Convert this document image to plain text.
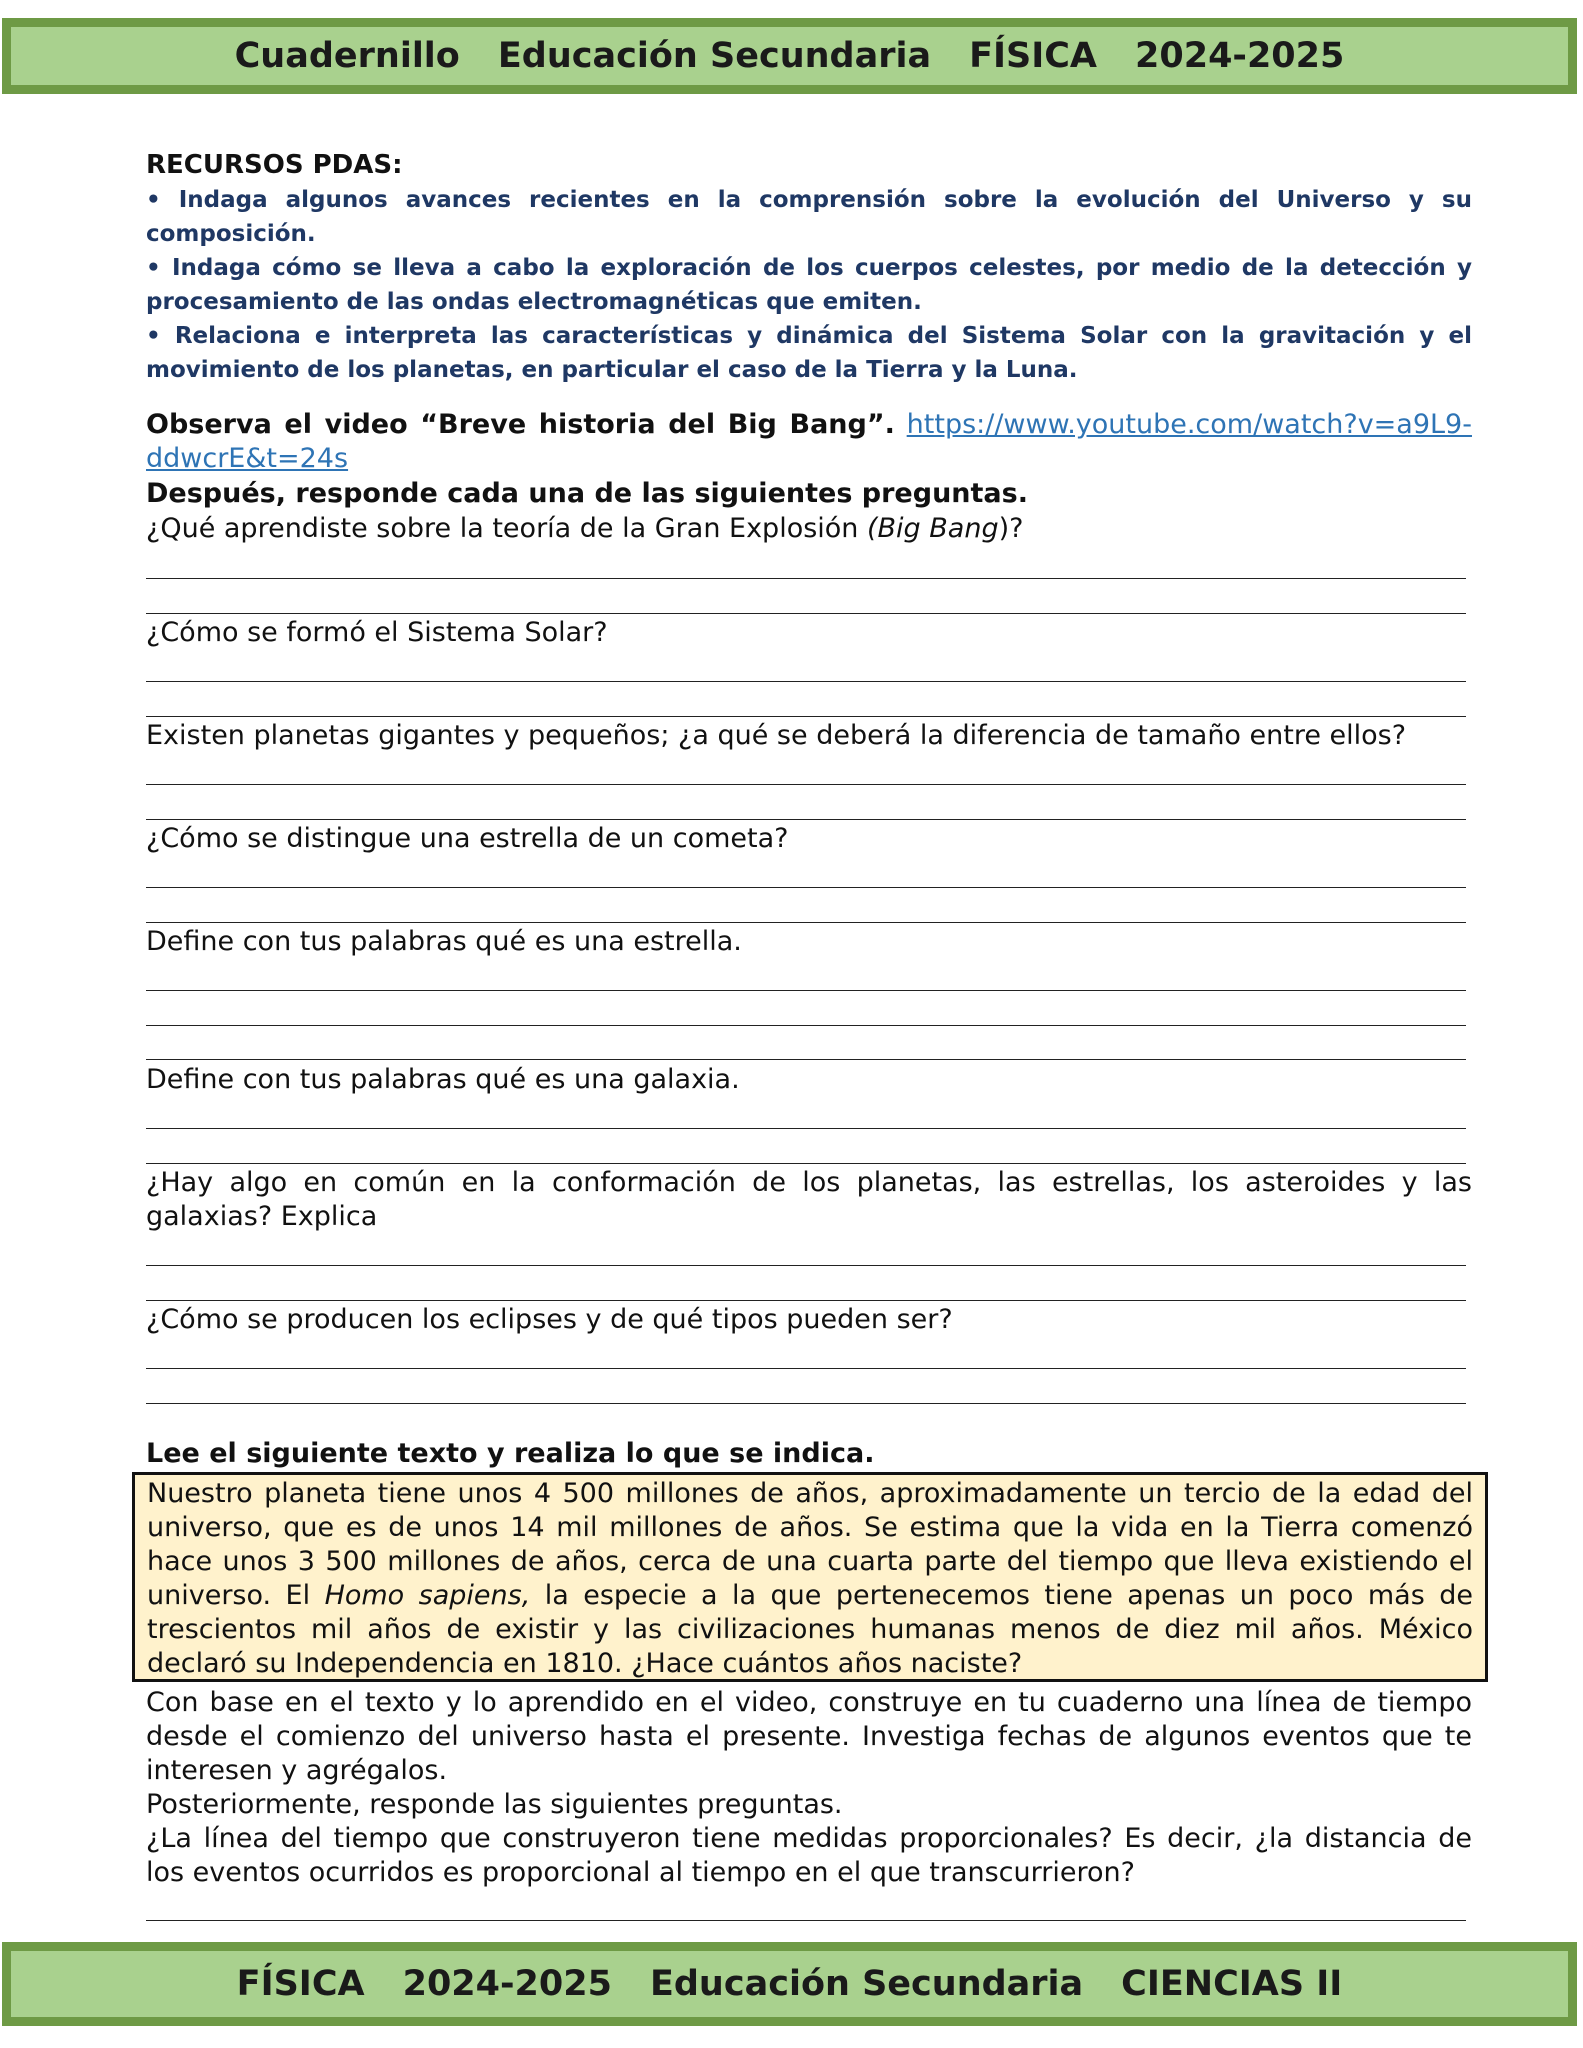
Cuadernillo Educación Secundaria FÍSICA 2024-2025
RECURSOS PDAS:
• Indaga algunos avances recientes en la comprensión sobre la evolución del Universo y su composición.
• Indaga cómo se lleva a cabo la exploración de los cuerpos celestes, por medio de la detección y procesamiento de las ondas electromagnéticas que emiten.
• Relaciona e interpreta las características y dinámica del Sistema Solar con la gravitación y el movimiento de los planetas, en particular el caso de la Tierra y la Luna.
Observa el video “Breve historia del Big Bang”. https://www.youtube.com/watch?v=a9L9-ddwcrE&t=24s
Después, responde cada una de las siguientes preguntas.
¿Qué aprendiste sobre la teoría de la Gran Explosión (Big Bang)?
¿Cómo se formó el Sistema Solar?
Existen planetas gigantes y pequeños; ¿a qué se deberá la diferencia de tamaño entre ellos?
¿Cómo se distingue una estrella de un cometa?
Define con tus palabras qué es una estrella.
Define con tus palabras qué es una galaxia.
¿Hay algo en común en la conformación de los planetas, las estrellas, los asteroides y las galaxias? Explica
¿Cómo se producen los eclipses y de qué tipos pueden ser?
Lee el siguiente texto y realiza lo que se indica.
Nuestro planeta tiene unos 4 500 millones de años, aproximadamente un tercio de la edad del universo, que es de unos 14 mil millones de años. Se estima que la vida en la Tierra comenzó hace unos 3 500 millones de años, cerca de una cuarta parte del tiempo que lleva existiendo el universo. El Homo sapiens, la especie a la que pertenecemos tiene apenas un poco más de trescientos mil años de existir y las civilizaciones humanas menos de diez mil años. México declaró su Independencia en 1810. ¿Hace cuántos años naciste?
Con base en el texto y lo aprendido en el video, construye en tu cuaderno una línea de tiempo desde el comienzo del universo hasta el presente. Investiga fechas de algunos eventos que te interesen y agrégalos.
Posteriormente, responde las siguientes preguntas.
¿La línea del tiempo que construyeron tiene medidas proporcionales? Es decir, ¿la distancia de los eventos ocurridos es proporcional al tiempo en el que transcurrieron?
FÍSICA 2024-2025 Educación Secundaria CIENCIAS II
